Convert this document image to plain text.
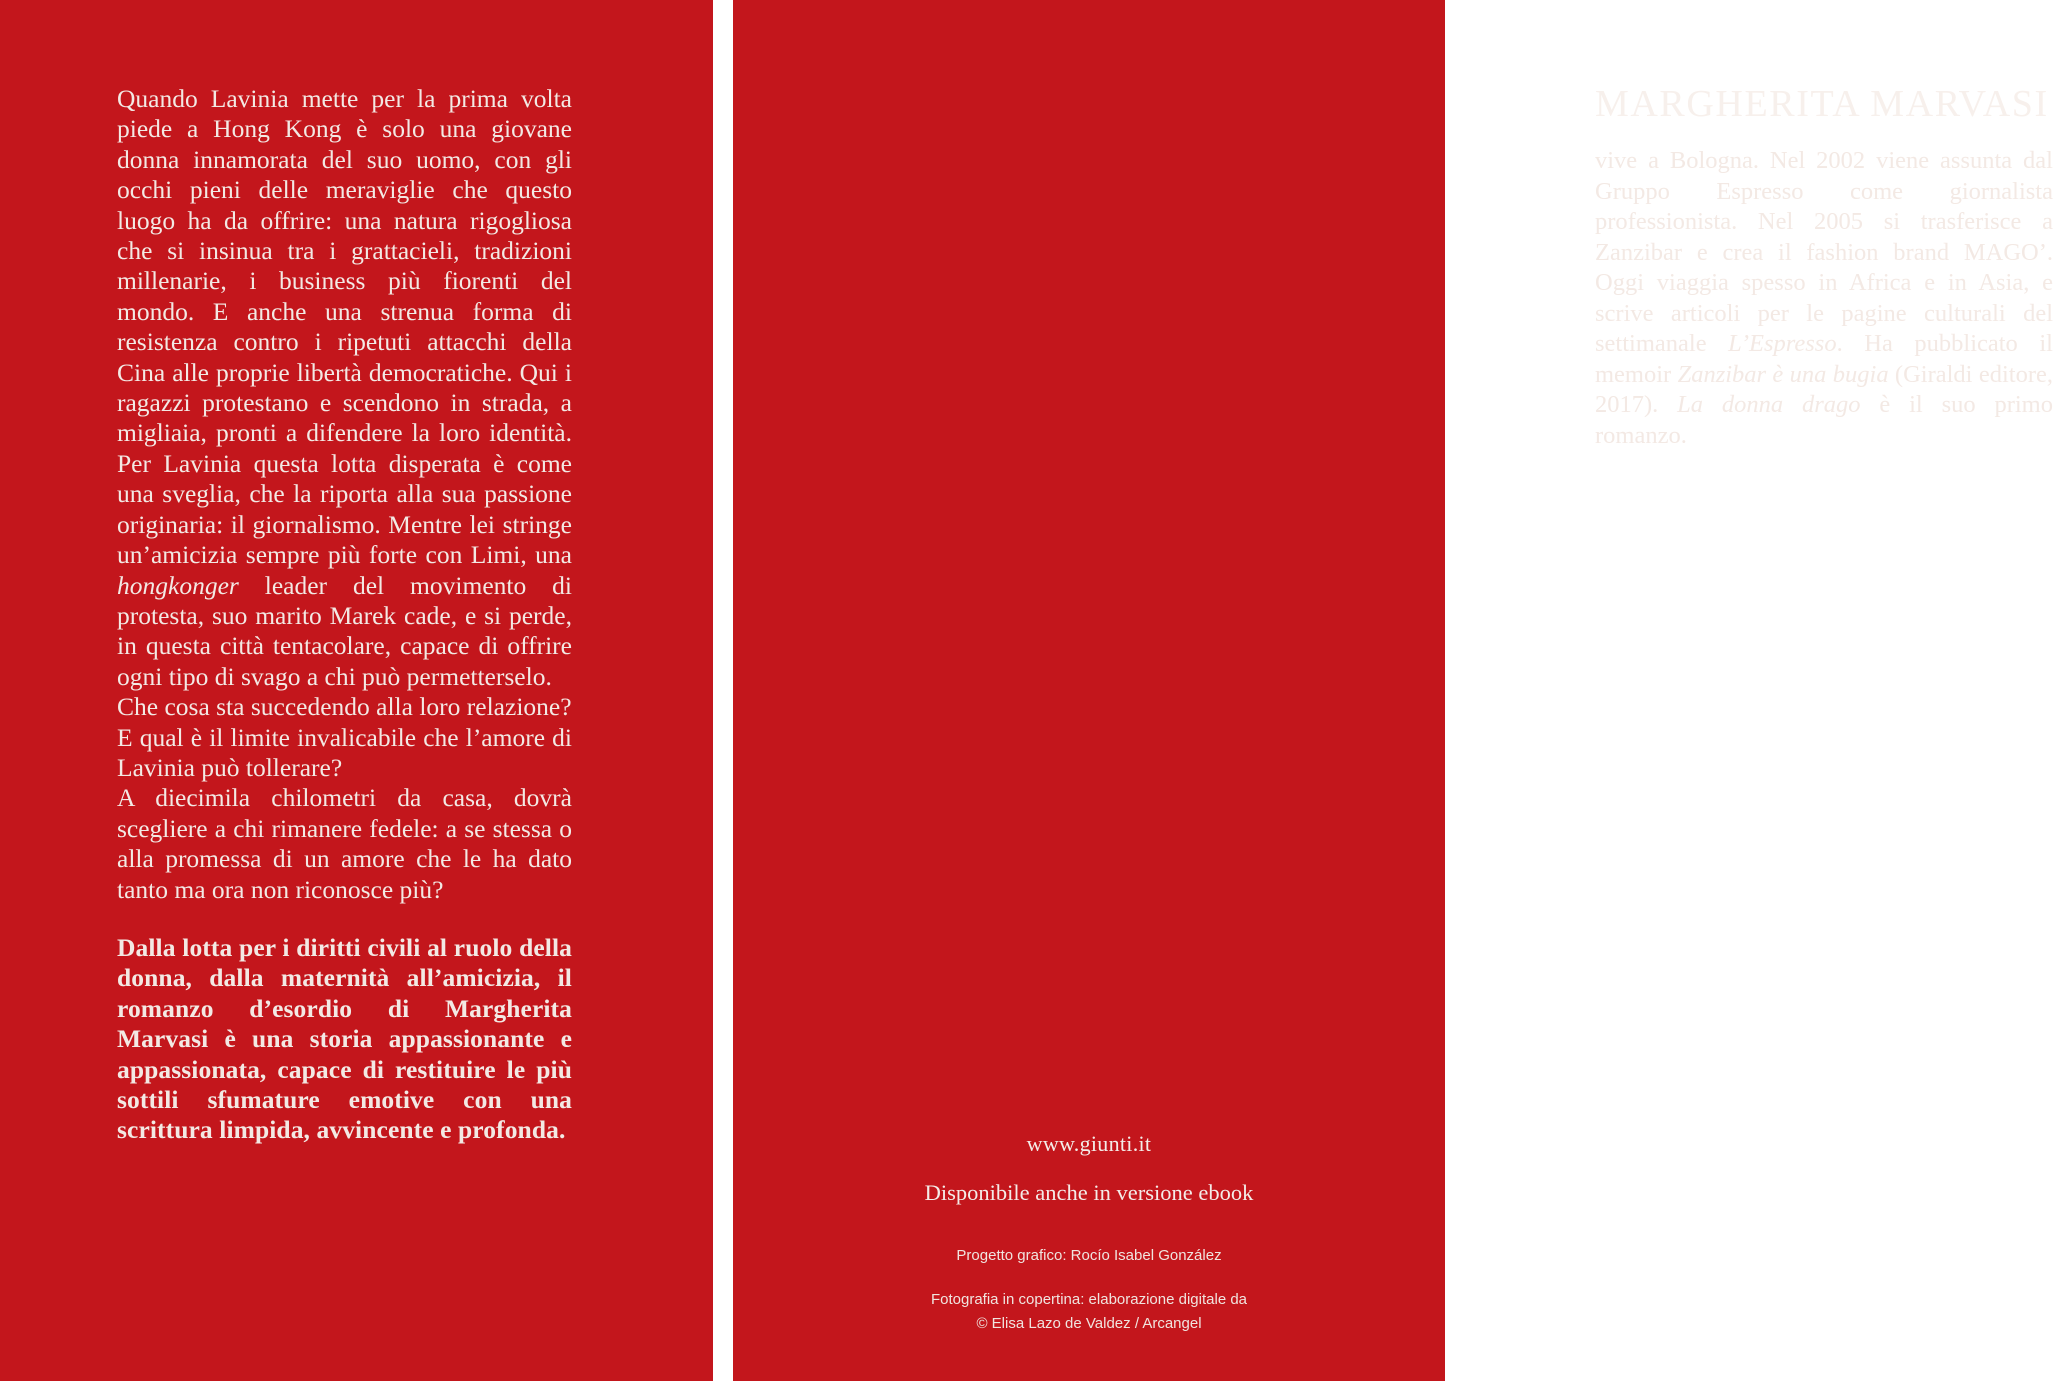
Quando Lavinia mette per la prima volta piede a Hong Kong è solo una giovane donna innamorata del suo uomo, con gli occhi pieni delle meraviglie che questo luogo ha da offrire: una natura rigogliosa che si insinua tra i grattacieli, tradizioni millenarie, i business più fiorenti del mondo. E anche una strenua forma di resistenza contro i ripetuti attacchi della Cina alle proprie libertà democratiche. Qui i ragazzi protestano e scendono in strada, a migliaia, pronti a difendere la loro identità. Per Lavinia questa lotta disperata è come una sveglia, che la riporta alla sua passione originaria: il giornalismo. Mentre lei stringe un’amicizia sempre più forte con Limi, una hongkonger leader del movimento di protesta, suo marito Marek cade, e si perde, in questa città tentacolare, capace di offrire ogni tipo di svago a chi può permetterselo.

Che cosa sta succedendo alla loro relazione?

E qual è il limite invalicabile che l’amore di Lavinia può tollerare?

A diecimila chilometri da casa, dovrà scegliere a chi rimanere fedele: a se stessa o alla promessa di un amore che le ha dato tanto ma ora non riconosce più?

Dalla lotta per i diritti civili al ruolo della donna, dalla maternità all’amicizia, il romanzo d’esordio di Margherita Marvasi è una storia appassionante e appassionata, capace di restituire le più sottili sfumature emotive con una scrittura limpida, avvincente e profonda.

MARGHERITA MARVASI

vive a Bologna. Nel 2002 viene assunta dal Gruppo Espresso come giornalista professionista. Nel 2005 si trasferisce a Zanzibar e crea il fashion brand MAGO’. Oggi viaggia spesso in Africa e in Asia, e scrive articoli per le pagine culturali del settimanale L’Espresso. Ha pubblicato il memoir Zanzibar è una bugia (Giraldi editore, 2017). La donna drago è il suo primo romanzo.

www.giunti.it
Disponibile anche in versione ebook
Progetto grafico: Rocío Isabel González
Fotografia in copertina: elaborazione digitale da
© Elisa Lazo de Valdez / Arcangel
